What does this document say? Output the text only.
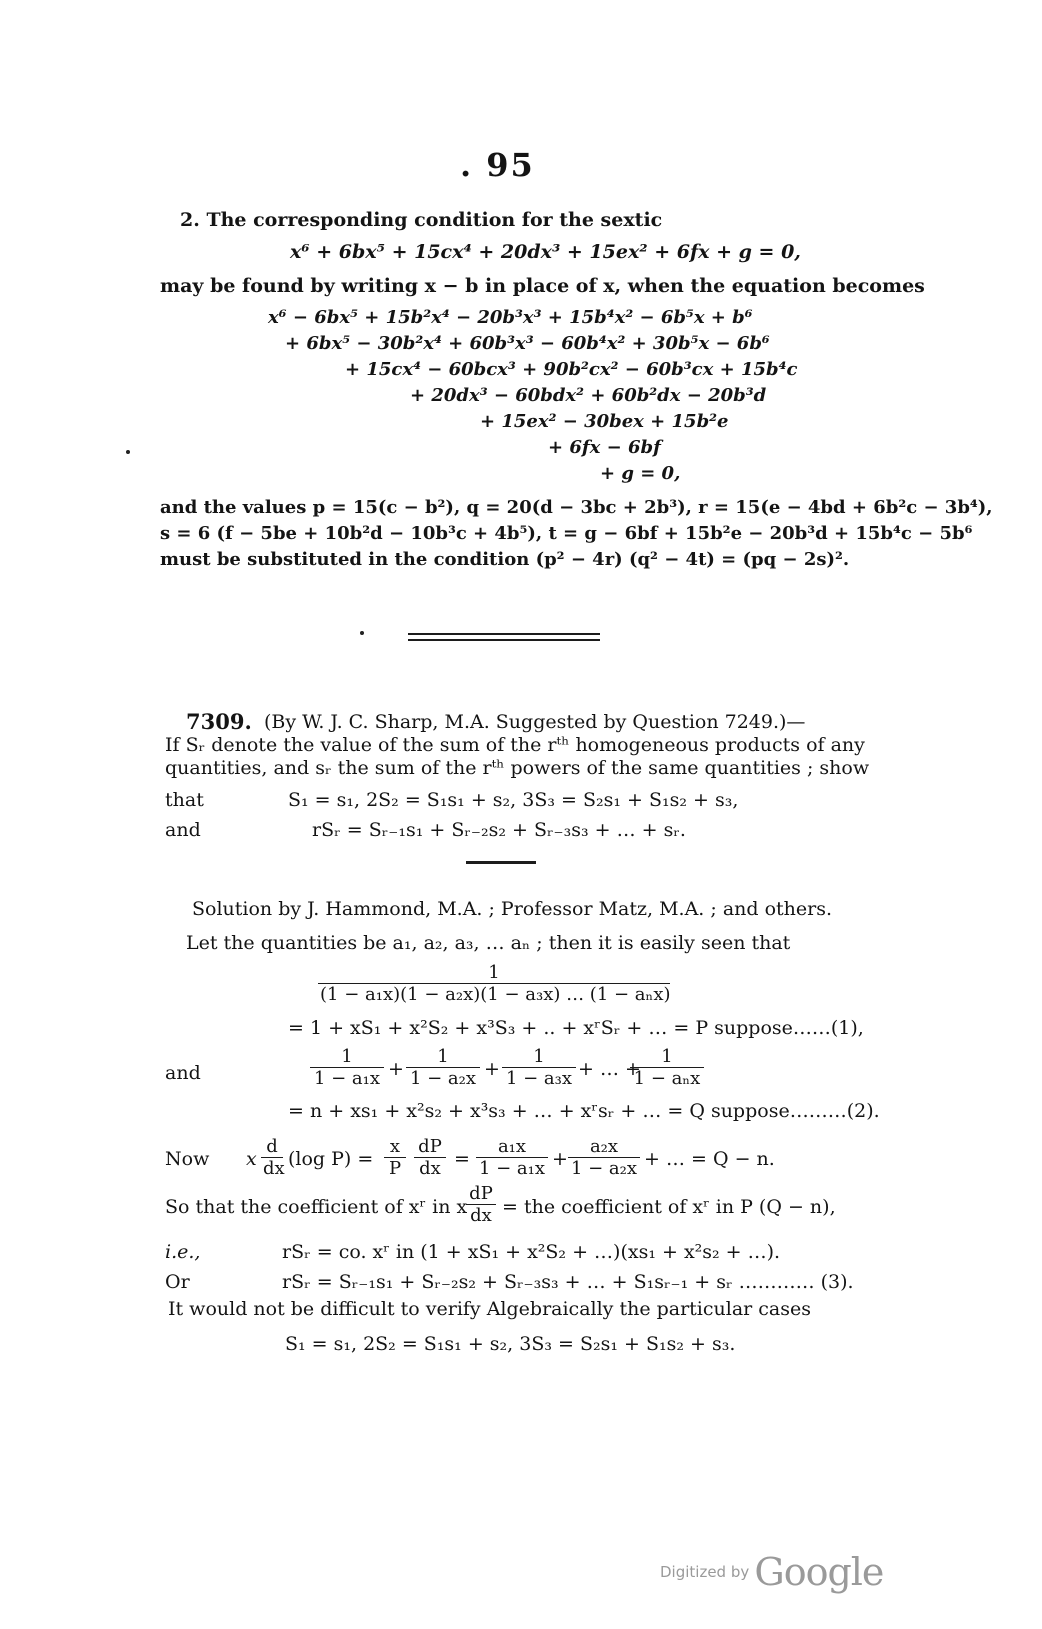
. 95
2. The corresponding condition for the sextic
x⁶ + 6bx⁵ + 15cx⁴ + 20dx³ + 15ex² + 6fx + g = 0,
may be found by writing x − b in place of x, when the equation becomes
x⁶ − 6bx⁵ + 15b²x⁴ − 20b³x³ + 15b⁴x² − 6b⁵x + b⁶
+ 6bx⁵ − 30b²x⁴ + 60b³x³ − 60b⁴x² + 30b⁵x − 6b⁶
+ 15cx⁴ − 60bcx³ + 90b²cx² − 60b³cx + 15b⁴c
+ 20dx³ − 60bdx² + 60b²dx − 20b³d
+ 15ex² − 30bex + 15b²e
+ 6fx − 6bf
+ g = 0,
and the values p = 15(c − b²), q = 20(d − 3bc + 2b³), r = 15(e − 4bd + 6b²c − 3b⁴),
s = 6 (f − 5be + 10b²d − 10b³c + 4b⁵), t = g − 6bf + 15b²e − 20b³d + 15b⁴c − 5b⁶
must be substituted in the condition (p² − 4r) (q² − 4t) = (pq − 2s)².
7309. (By W. J. C. Sharp, M.A. Suggested by Question 7249.)—
If Sᵣ denote the value of the sum of the rᵗʰ homogeneous products of any
quantities, and sᵣ the sum of the rᵗʰ powers of the same quantities ; show
that	S₁ = s₁, 2S₂ = S₁s₁ + s₂, 3S₃ = S₂s₁ + S₁s₂ + s₃,
and	rSᵣ = Sᵣ₋₁s₁ + Sᵣ₋₂s₂ + Sᵣ₋₃s₃ + … + sᵣ.
Solution by J. Hammond, M.A. ; Professor Matz, M.A. ; and others.
Let the quantities be a₁, a₂, a₃, … aₙ ; then it is easily seen that
1
(1 − a₁x)(1 − a₂x)(1 − a₃x) … (1 − aₙx)
= 1 + xS₁ + x²S₂ + x³S₃ + .. + xʳSᵣ + … = P suppose……(1),
and	$\frac{1}{\text{1 − a₁x}} + \frac{1}{\text{1 − a₂x}} + \frac{1}{\text{1 − a₃x}}$ + … +
1
1 − aₙx
= n + xs₁ + x²s₂ + x³s₃ + … + xʳsᵣ + … = Q suppose………(2).
Now x $\frac{d}{dx} (\log$ $P) = \frac{x}{P} \frac{dP}{dx} = \frac{\text{a₁x}}{\text{1 − a₁x}} + \frac{\text{a₂x}}{\text{1 − a₂x}}$ + … = Q − n.
So that the coefficient of xʳ in x
$\frac{dP}{dx}$ = the coefficient of xʳ in P (Q − n),
i.e.,	rSᵣ = co. xʳ in (1 + xS₁ + x²S₂ + …)(xs₁ + x²s₂ + …).
Or	rSᵣ = Sᵣ₋₁s₁ + Sᵣ₋₂s₂ + Sᵣ₋₃s₃ + … + S₁sᵣ₋₁ + sᵣ ………… (3).
It would not be difficult to verify Algebraically the particular cases
S₁ = s₁, 2S₂ = S₁s₁ + s₂, 3S₃ = S₂s₁ + S₁s₂ + s₃.
Digitized by Google
